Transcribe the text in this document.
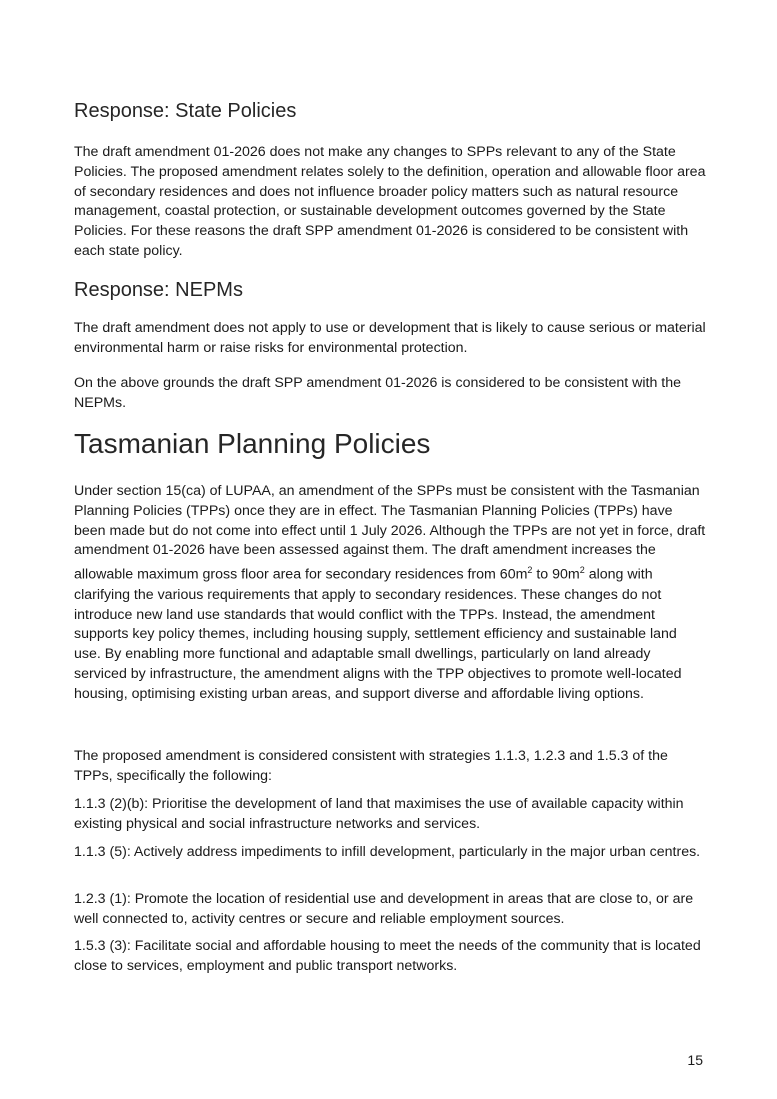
Response: State Policies

The draft amendment 01-2026 does not make any changes to SPPs relevant to any of the State Policies. The proposed amendment relates solely to the definition, operation and allowable floor area of secondary residences and does not influence broader policy matters such as natural resource management, coastal protection, or sustainable development outcomes governed by the State Policies. For these reasons the draft SPP amendment 01-2026 is considered to be consistent with each state policy.

Response: NEPMs

The draft amendment does not apply to use or development that is likely to cause serious or material environmental harm or raise risks for environmental protection.

On the above grounds the draft SPP amendment 01-2026 is considered to be consistent with the NEPMs.

Tasmanian Planning Policies

Under section 15(ca) of LUPAA, an amendment of the SPPs must be consistent with the Tasmanian Planning Policies (TPPs) once they are in effect. The Tasmanian Planning Policies (TPPs) have been made but do not come into effect until 1 July 2026. Although the TPPs are not yet in force, draft amendment 01-2026 have been assessed against them. The draft amendment increases the allowable maximum gross floor area for secondary residences from $60m^2$ to $90m^2$ along with clarifying the various requirements that apply to secondary residences. These changes do not introduce new land use standards that would conflict with the TPPs. Instead, the amendment supports key policy themes, including housing supply, settlement efficiency and sustainable land use. By enabling more functional and adaptable small dwellings, particularly on land already serviced by infrastructure, the amendment aligns with the TPP objectives to promote well-located housing, optimising existing urban areas, and support diverse and affordable living options.

The proposed amendment is considered consistent with strategies 1.1.3, 1.2.3 and 1.5.3 of the TPPs, specifically the following:

1.1.3 (2)(b): Prioritise the development of land that maximises the use of available capacity within existing physical and social infrastructure networks and services.

1.1.3 (5): Actively address impediments to infill development, particularly in the major urban centres.

1.2.3 (1): Promote the location of residential use and development in areas that are close to, or are well connected to, activity centres or secure and reliable employment sources.

1.5.3 (3): Facilitate social and affordable housing to meet the needs of the community that is located close to services, employment and public transport networks.

15
